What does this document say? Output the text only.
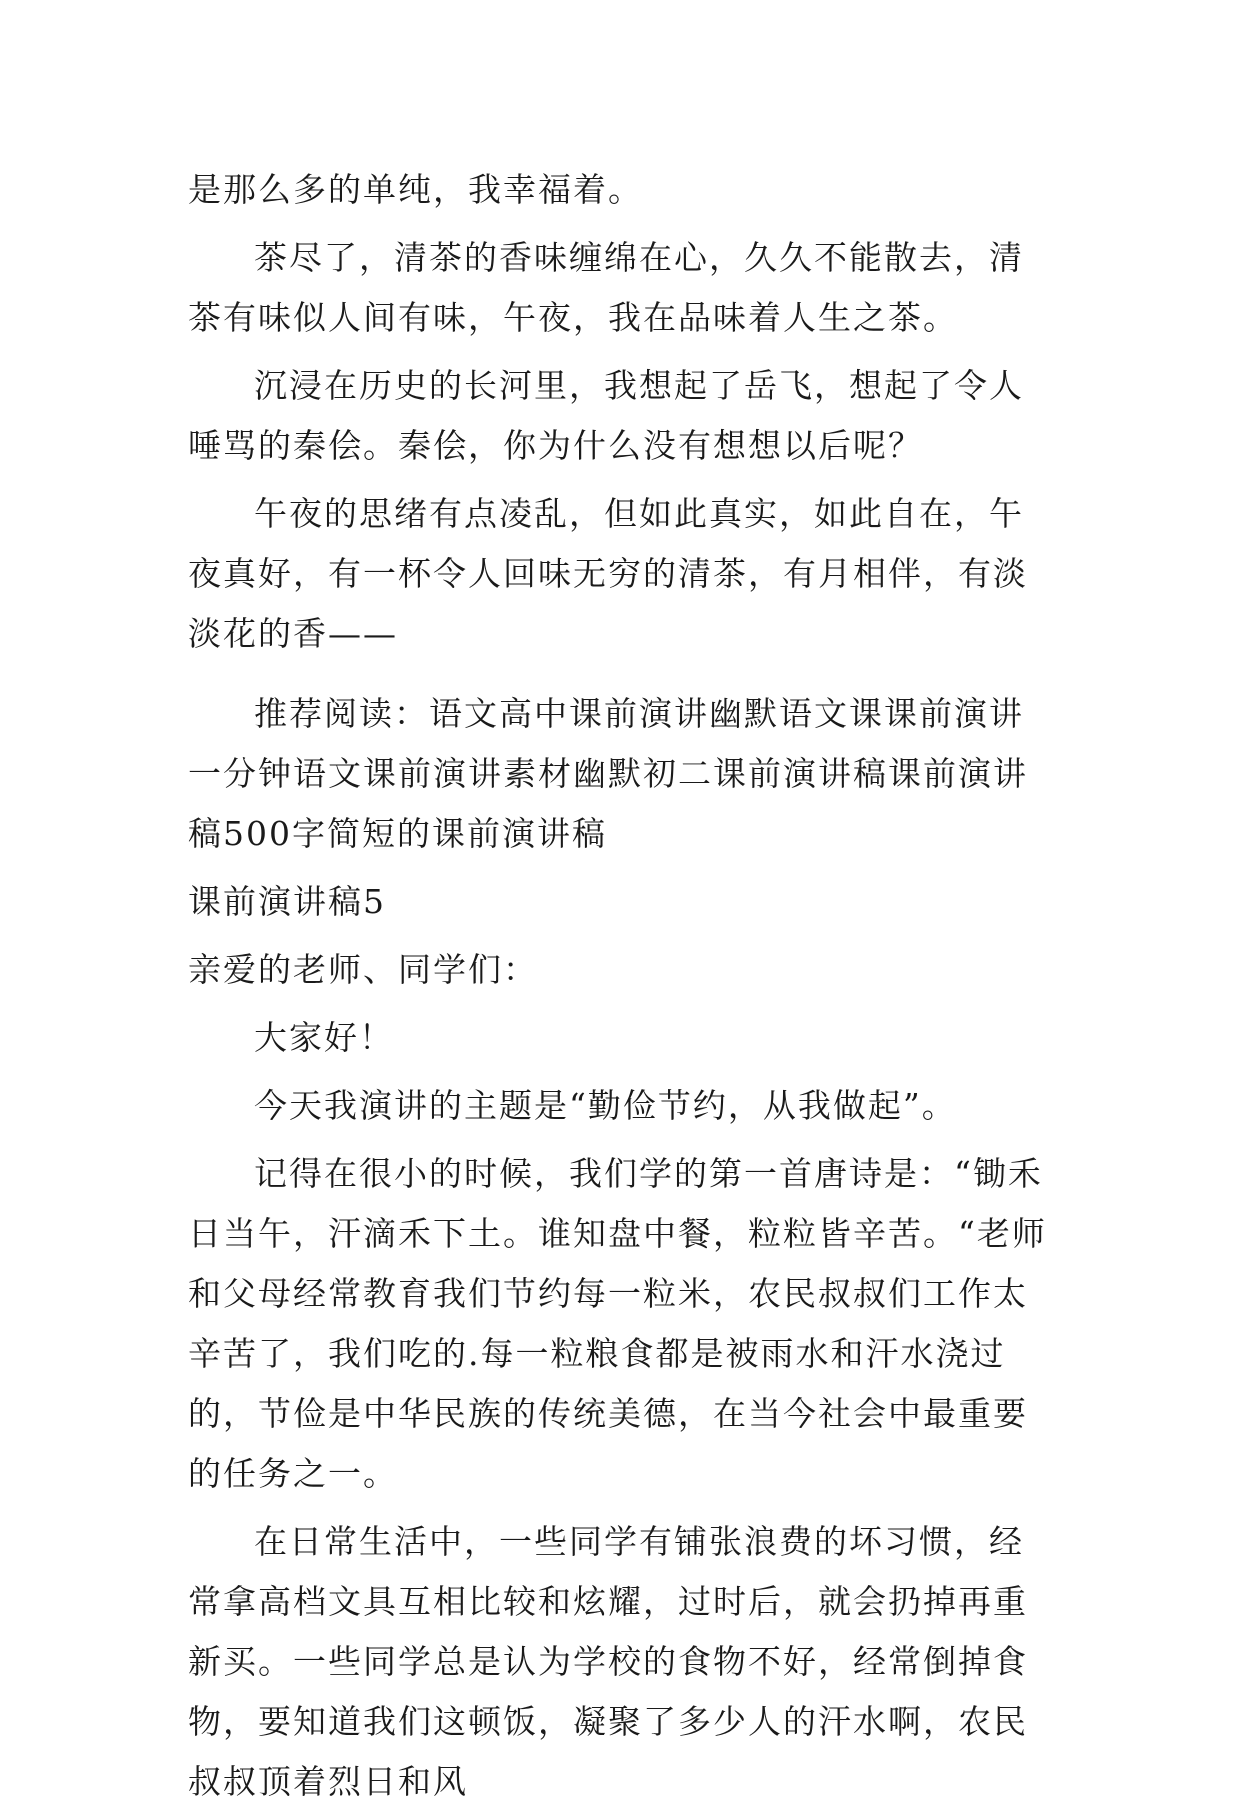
是那么多的单纯，我幸福着。

茶尽了，清茶的香味缠绵在心，久久不能散去，清茶有味似人间有味，午夜，我在品味着人生之茶。

沉浸在历史的长河里，我想起了岳飞，想起了令人唾骂的秦侩。秦侩，你为什么没有想想以后呢？

午夜的思绪有点凌乱，但如此真实，如此自在，午夜真好，有一杯令人回味无穷的清茶，有月相伴，有淡淡花的香——

推荐阅读：语文高中课前演讲幽默语文课课前演讲一分钟语文课前演讲素材幽默初二课前演讲稿课前演讲稿500字简短的课前演讲稿

课前演讲稿5

亲爱的老师、同学们：

大家好！

今天我演讲的主题是“勤俭节约，从我做起”。

记得在很小的时候，我们学的第一首唐诗是：“锄禾日当午，汗滴禾下土。谁知盘中餐，粒粒皆辛苦。“老师和父母经常教育我们节约每一粒米，农民叔叔们工作太辛苦了，我们吃的.每一粒粮食都是被雨水和汗水浇过的，节俭是中华民族的传统美德，在当今社会中最重要的任务之一。

在日常生活中，一些同学有铺张浪费的坏习惯，经常拿高档文具互相比较和炫耀，过时后，就会扔掉再重新买。一些同学总是认为学校的食物不好，经常倒掉食物，要知道我们这顿饭，凝聚了多少人的汗水啊，农民叔叔顶着烈日和风
